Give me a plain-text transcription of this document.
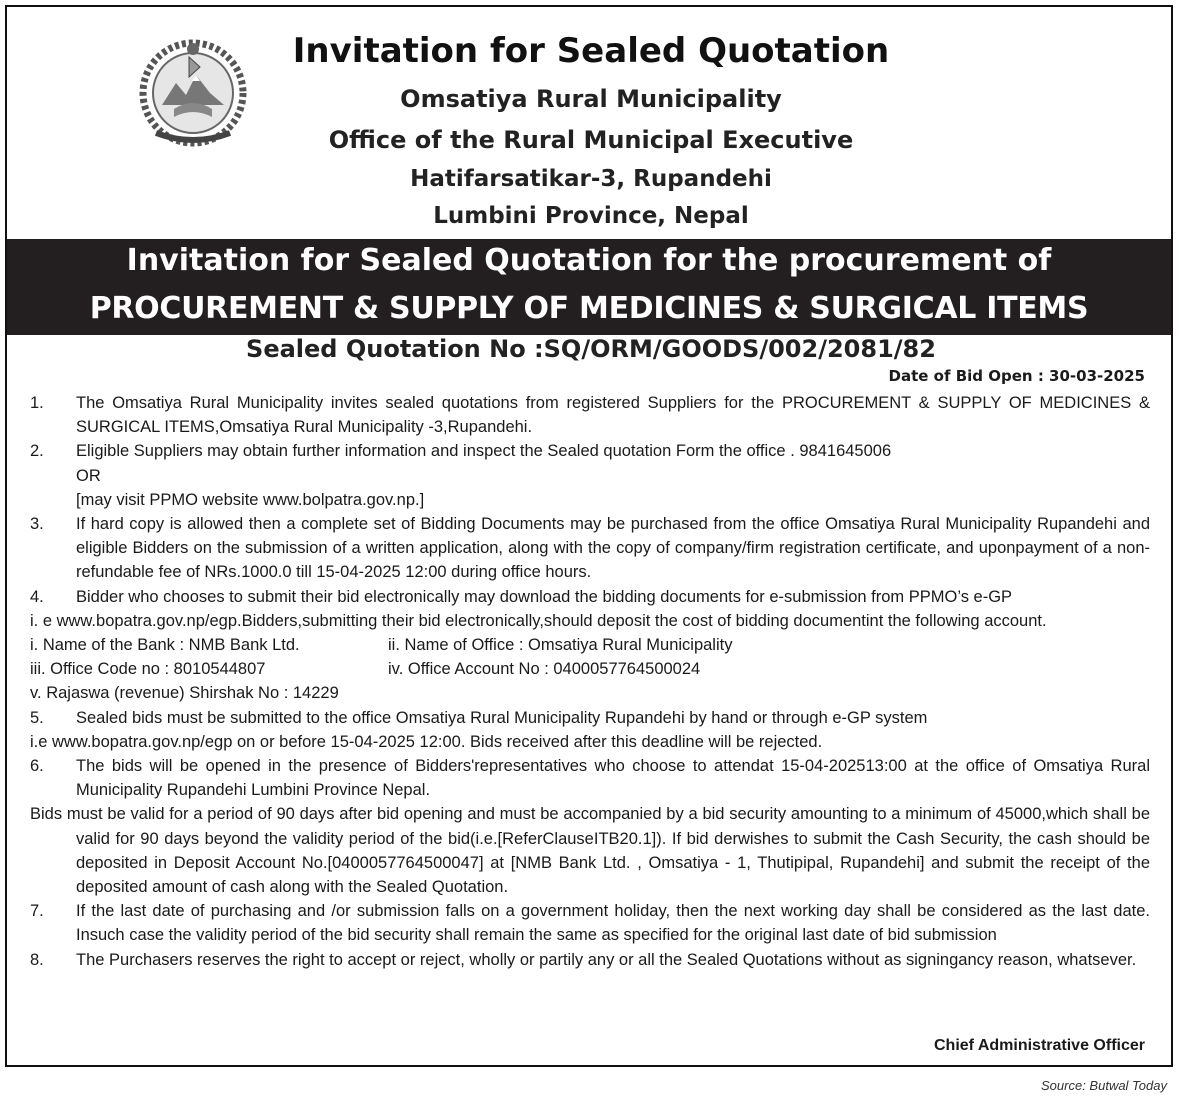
Invitation for Sealed Quotation
Omsatiya Rural Municipality
Office of the Rural Municipal Executive
Hatifarsatikar-3, Rupandehi
Lumbini Province, Nepal
Invitation for Sealed Quotation for the procurement of
PROCUREMENT & SUPPLY OF MEDICINES & SURGICAL ITEMS
Sealed Quotation No :SQ/ORM/GOODS/002/2081/82
Date of Bid Open : 30-03-2025
1.	The Omsatiya Rural Municipality invites sealed quotations from registered Suppliers for the PROCUREMENT & SUPPLY OF MEDICINES & SURGICAL ITEMS,Omsatiya Rural Municipality -3,Rupandehi.
2.	Eligible Suppliers may obtain further information and inspect the Sealed quotation Form the office . 9841645006
OR
[may visit PPMO website www.bolpatra.gov.np.]
3.	If hard copy is allowed then a complete set of Bidding Documents may be purchased from the office Omsatiya Rural Municipality Rupandehi and eligible Bidders on the submission of a written application, along with the copy of company/firm registration certificate, and uponpayment of a non-refundable fee of NRs.1000.0 till 15-04-2025 12:00 during office hours.
4.	Bidder who chooses to submit their bid electronically may download the bidding documents for e-submission from PPMO’s e-GP
i. e www.bopatra.gov.np/egp.Bidders,submitting their bid electronically,should deposit the cost of bidding documentint the following account.
i. Name of the Bank : NMB Bank Ltd.	ii. Name of Office : Omsatiya Rural Municipality
iii. Office Code no : 8010544807	iv. Office Account No : 0400057764500024
v. Rajaswa (revenue) Shirshak No : 14229
5.	Sealed bids must be submitted to the office Omsatiya Rural Municipality Rupandehi by hand or through e-GP system
i.e www.bopatra.gov.np/egp on or before 15-04-2025 12:00. Bids received after this deadline will be rejected.
6.	The bids will be opened in the presence of Bidders'representatives who choose to attendat 15-04-202513:00 at the office of Omsatiya Rural Municipality Rupandehi Lumbini Province Nepal.
Bids must be valid for a period of 90 days after bid opening and must be accompanied by a bid security amounting to a minimum of 45000,which shall be valid for 90 days beyond the validity period of the bid(i.e.[ReferClauseITB20.1]). If bid derwishes to submit the Cash Security, the cash should be deposited in Deposit Account No.[0400057764500047] at [NMB Bank Ltd. , Omsatiya - 1, Thutipipal, Rupandehi] and submit the receipt of the deposited amount of cash along with the Sealed Quotation.
7.	If the last date of purchasing and /or submission falls on a government holiday, then the next working day shall be considered as the last date. Insuch case the validity period of the bid security shall remain the same as specified for the original last date of bid submission
8.	The Purchasers reserves the right to accept or reject, wholly or partily any or all the Sealed Quotations without as signingancy reason, whatsever.
Chief Administrative Officer
Source: Butwal Today
